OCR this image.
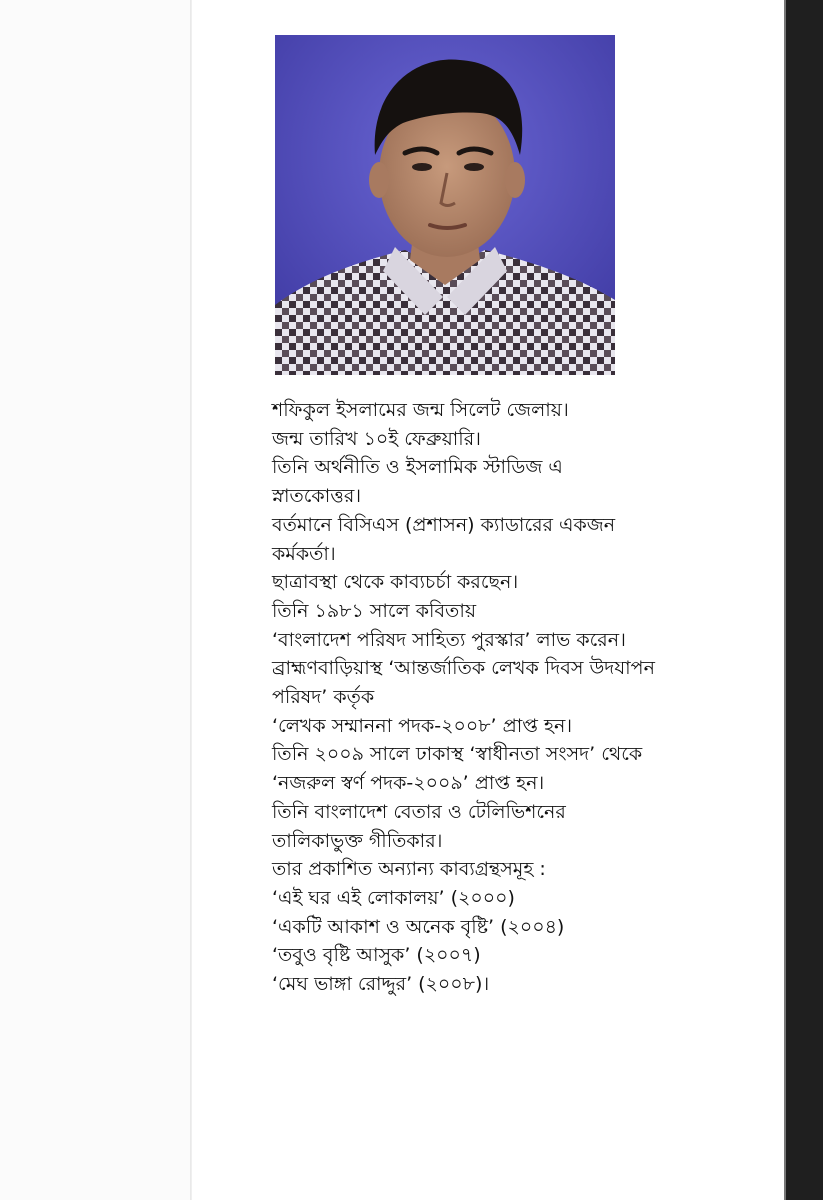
শফিকুল ইসলামের জন্ম সিলেট জেলায়।
জন্ম তারিখ ১০ই ফেব্রুয়ারি।
তিনি অর্থনীতি ও ইসলামিক স্টাডিজ এ
স্নাতকোত্তর।
বর্তমানে বিসিএস (প্রশাসন) ক্যাডারের একজন
কর্মকর্তা।
ছাত্রাবস্থা থেকে কাব্যচর্চা করছেন।
তিনি ১৯৮১ সালে কবিতায়
‘বাংলাদেশ পরিষদ সাহিত্য পুরস্কার’ লাভ করেন।
ব্রাহ্মণবাড়িয়াস্থ ‘আন্তর্জাতিক লেখক দিবস উদযাপন
পরিষদ’ কর্তৃক
‘লেখক সম্মাননা পদক-২০০৮’ প্রাপ্ত হন।
তিনি ২০০৯ সালে ঢাকাস্থ ‘স্বাধীনতা সংসদ’ থেকে
‘নজরুল স্বর্ণ পদক-২০০৯’ প্রাপ্ত হন।
তিনি বাংলাদেশ বেতার ও টেলিভিশনের
তালিকাভুক্ত গীতিকার।
তার প্রকাশিত অন্যান্য কাব্যগ্রন্থসমূহ :
‘এই ঘর এই লোকালয়’ (২০০০)
‘একটি আকাশ ও অনেক বৃষ্টি’ (২০০৪)
‘তবুও বৃষ্টি আসুক’ (২০০৭)
‘মেঘ ভাঙ্গা রোদ্দুর’ (২০০৮)।
